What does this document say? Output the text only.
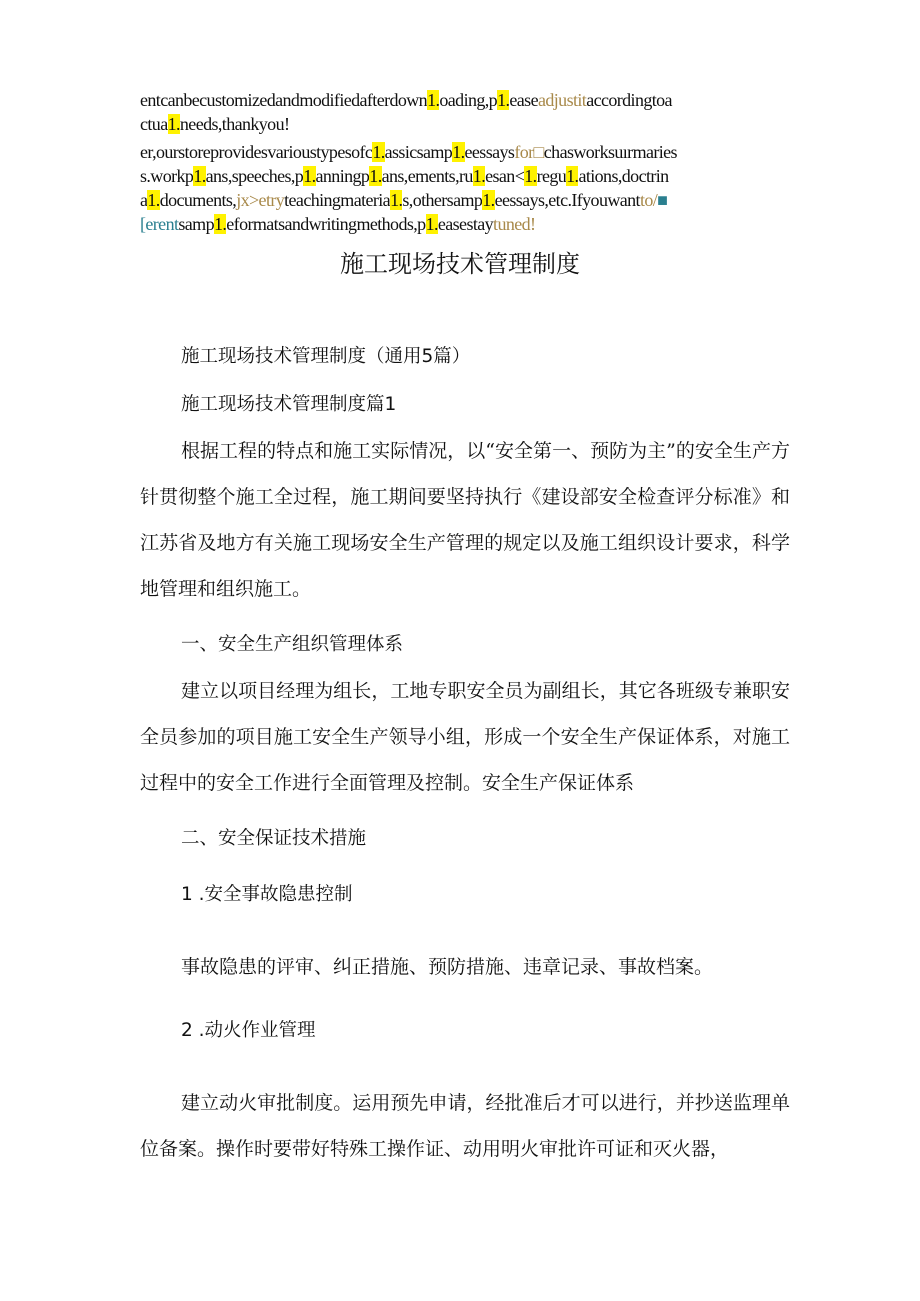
entcanbecustomizedandmodifiedafterdown1.oading,p1.easeadjustitaccordingtoa
ctua1.needs,thankyou!
er,ourstoreprovidesvarioustypesofc1.assicsamp1.eessaysfor□chasworksuırmaries
s.workp1.ans,speeches,p1.anningp1.ans,ements,ru1.esan<1.regu1.ations,doctrin
a1.documents,jx>etryteachingmateria1.s,othersamp1.eessays,etc.Ifyouwantto/■
[erentsamp1.eformatsandwritingmethods,p1.easestaytuned!
施工现场技术管理制度
施工现场技术管理制度（通用5篇）
施工现场技术管理制度篇1
根据工程的特点和施工实际情况，以“安全第一、预防为主”的安全生产方针贯彻整个施工全过程，施工期间要坚持执行《建设部安全检查评分标准》和江苏省及地方有关施工现场安全生产管理的规定以及施工组织设计要求，科学地管理和组织施工。
一、安全生产组织管理体系
建立以项目经理为组长，工地专职安全员为副组长，其它各班级专兼职安全员参加的项目施工安全生产领导小组，形成一个安全生产保证体系，对施工过程中的安全工作进行全面管理及控制。安全生产保证体系
二、安全保证技术措施
1 .安全事故隐患控制
事故隐患的评审、纠正措施、预防措施、违章记录、事故档案。
2 .动火作业管理
建立动火审批制度。运用预先申请，经批准后才可以进行，并抄送监理单位备案。操作时要带好特殊工操作证、动用明火审批许可证和灭火器，
